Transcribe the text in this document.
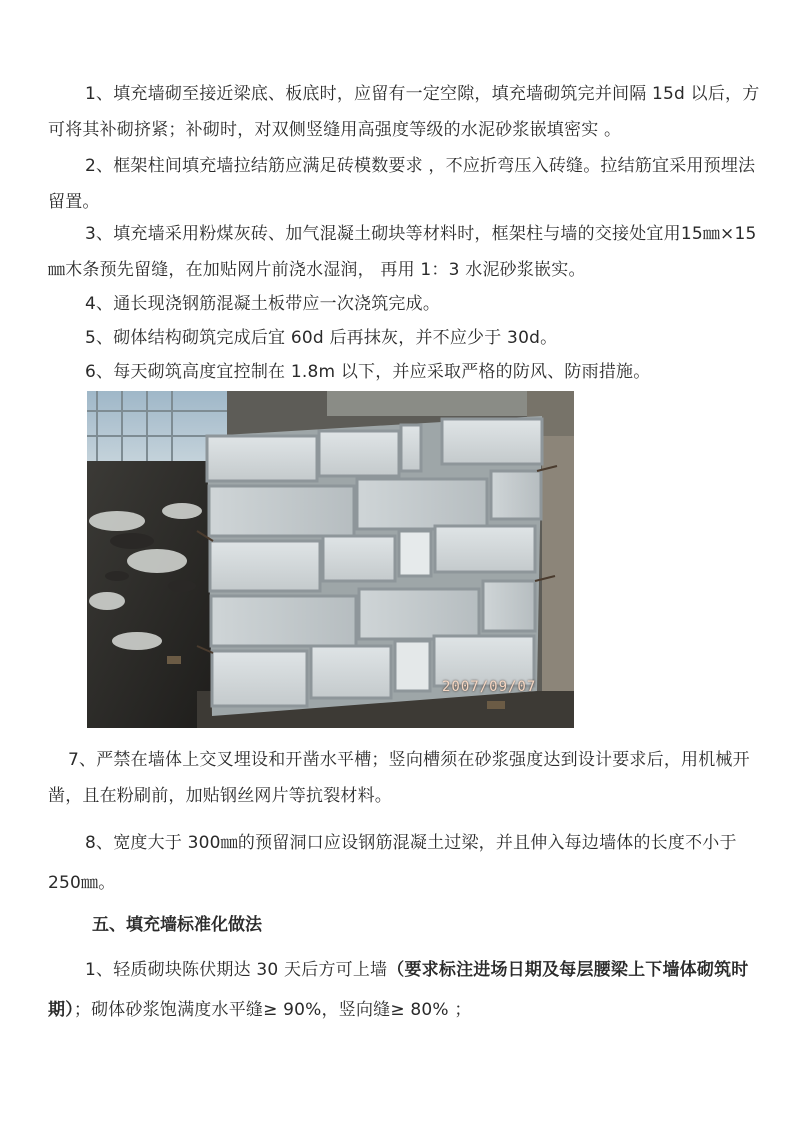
1、填充墙砌至接近梁底、板底时，应留有一定空隙，填充墙砌筑完并间隔 15d 以后，方可将其补砌挤紧；补砌时，对双侧竖缝用高强度等级的水泥砂浆嵌填密实 。

2、框架柱间填充墙拉结筋应满足砖模数要求 ，不应折弯压入砖缝。拉结筋宜采用预埋法留置。

3、填充墙采用粉煤灰砖、加气混凝土砌块等材料时，框架柱与墙的交接处宜用15㎜×15㎜木条预先留缝，在加贴网片前浇水湿润， 再用 1：3 水泥砂浆嵌实。

4、通长现浇钢筋混凝土板带应一次浇筑完成。

5、砌体结构砌筑完成后宜 60d 后再抹灰，并不应少于 30d。

6、每天砌筑高度宜控制在 1.8m 以下，并应采取严格的防风、防雨措施。

2007/09/07

7、严禁在墙体上交叉埋设和开凿水平槽；竖向槽须在砂浆强度达到设计要求后，用机械开凿，且在粉刷前，加贴钢丝网片等抗裂材料。

8、宽度大于 300㎜的预留洞口应设钢筋混凝土过梁，并且伸入每边墙体的长度不小于 250㎜。

五、填充墙标准化做法

1、轻质砌块陈伏期达 30 天后方可上墙（要求标注进场日期及每层腰梁上下墙体砌筑时期）；砌体砂浆饱满度水平缝≥ 90%，竖向缝≥ 80% ；
